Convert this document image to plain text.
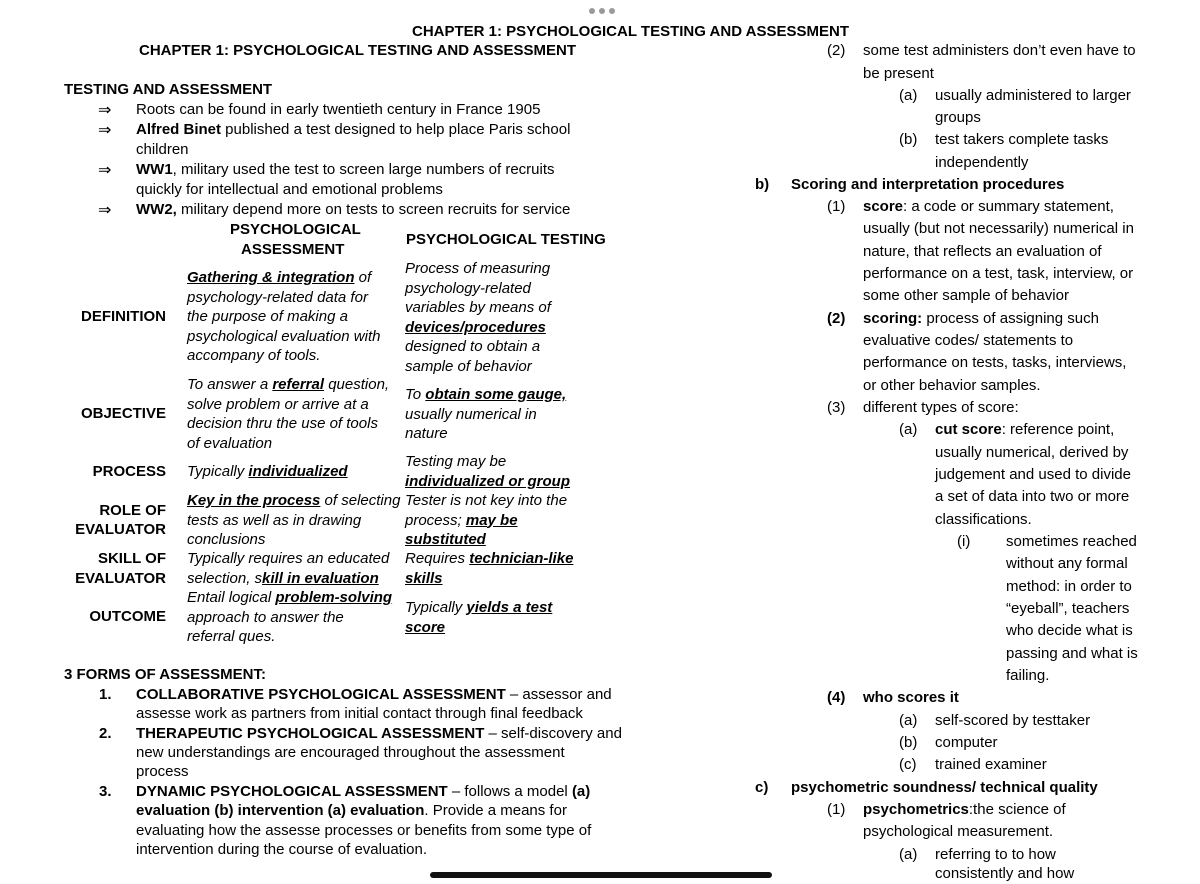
CHAPTER 1: PSYCHOLOGICAL TESTING AND ASSESSMENT
CHAPTER 1: PSYCHOLOGICAL TESTING AND ASSESSMENT
TESTING AND ASSESSMENT
⇒ Roots can be found in early twentieth century in France 1905
⇒ Alfred Binet published a test designed to help place Paris school
children
⇒ WW1, military used the test to screen large numbers of recruits
quickly for intellectual and emotional problems
⇒ WW2, military depend more on tests to screen recruits for service
PSYCHOLOGICAL
ASSESSMENT
PSYCHOLOGICAL TESTING
DEFINITION
Gathering & integration of
psychology-related data for
the purpose of making a
psychological evaluation with
accompany of tools.
Process of measuring
psychology-related
variables by means of
devices/procedures
designed to obtain a
sample of behavior
OBJECTIVE
To answer a referral question,
solve problem or arrive at a
decision thru the use of tools
of evaluation
To obtain some gauge,
usually numerical in
nature
PROCESS Typically individualized
Testing may be
individualized or group
Tester is not key into the
process; may be
substituted
ROLE OF
EVALUATOR
Key in the process of selecting
tests as well as in drawing
conclusions
SKILL OF
EVALUATOR
Typically requires an educated
selection, skill in evaluation
Requires technician-like
skills
OUTCOME
Entail logical problem-solving
approach to answer the
referral ques.
Typically yields a test
score
3 FORMS OF ASSESSMENT:
1. COLLABORATIVE PSYCHOLOGICAL ASSESSMENT – assessor and
assesse work as partners from initial contact through final feedback
2. THERAPEUTIC PSYCHOLOGICAL ASSESSMENT – self-discovery and
new understandings are encouraged throughout the assessment
process
3. DYNAMIC PSYCHOLOGICAL ASSESSMENT – follows a model (a)
evaluation (b) intervention (a) evaluation. Provide a means for
evaluating how the assesse processes or benefits from some type of
intervention during the course of evaluation.
(2) some test administers don’t even have to
be present
(a) usually administered to larger
groups
(b) test takers complete tasks
independently
b) Scoring and interpretation procedures
(1) score: a code or summary statement,
usually (but not necessarily) numerical in
nature, that reflects an evaluation of
performance on a test, task, interview, or
some other sample of behavior
(2) scoring: process of assigning such
evaluative codes/ statements to
performance on tests, tasks, interviews,
or other behavior samples.
(3) different types of score:
(a) cut score: reference point,
usually numerical, derived by
judgement and used to divide
a set of data into two or more
classifications.
(i) sometimes reached
without any formal
method: in order to
“eyeball”, teachers
who decide what is
passing and what is
failing.
(4) who scores it
(a) self-scored by testtaker
(b) computer
(c) trained examiner
c) psychometric soundness/ technical quality
(1) psychometrics:the science of
psychological measurement.
(a) referring to to how
consistently and how
